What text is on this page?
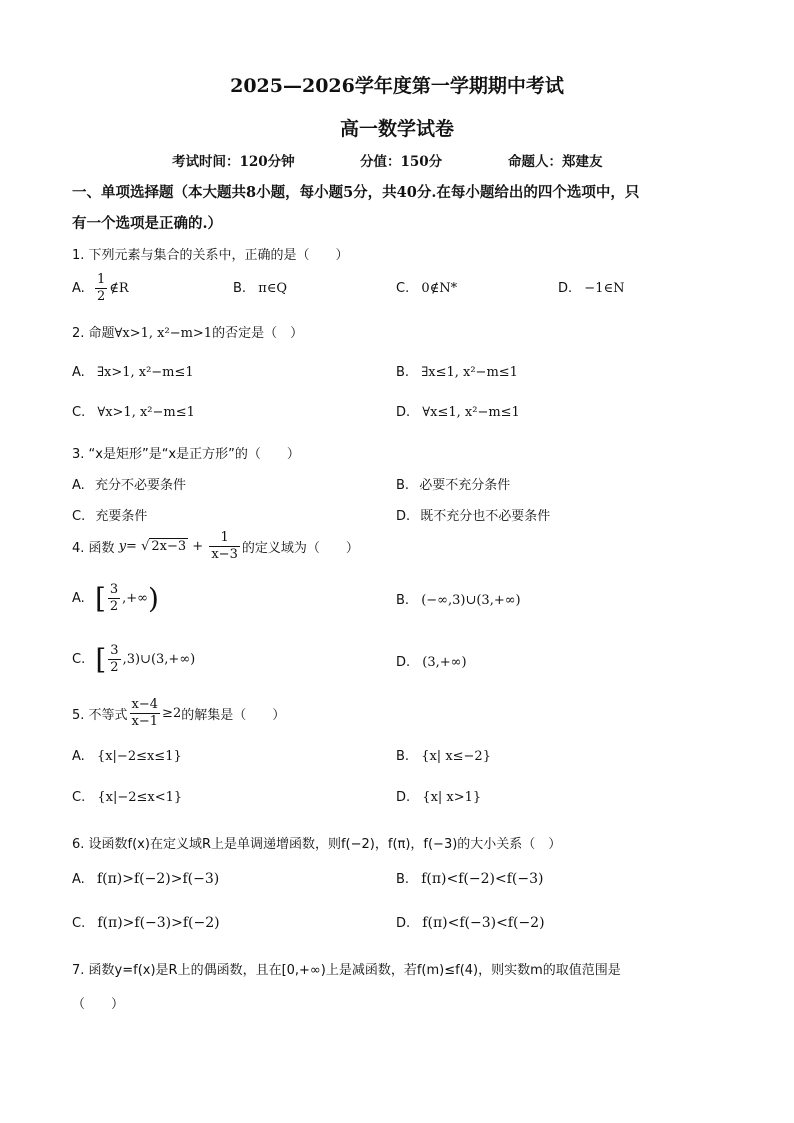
2025—2026学年度第一学期期中考试
高一数学试卷
考试时间：120分钟	分值：150分	命题人：郑建友
一、单项选择题（本大题共8小题，每小题5分，共40分.在每小题给出的四个选项中，只
有一个选项是正确的.）
1. 下列元素与集合的关系中，正确的是（　　）
A. $\frac{1}{2}$ ∉R	B. π∈Q	C. 0∉N*	D. −1∈N
2. 命题∀x>1, x²−m>1的否定是（　）
A. ∃x>1, x²−m≤1	B. ∃x≤1, x²−m≤1
C. ∀x>1, x²−m≤1	D. ∀x≤1, x²−m≤1
3. “x是矩形”是“x是正方形”的（　　）
A. 充分不必要条件	B. 必要不充分条件
C. 充要条件	D. 既不充分也不必要条件
4. 函数 y= √ $2x-3 + \frac{1}{x-3}$ 的定义域为（　　）
A. [ $\frac{3}{2}$ ,+∞)	B. (−∞,3)∪(3,+∞)
C. [ $\frac{3}{2}$ ,3)∪(3,+∞)	D. (3,+∞)
5. 不等式 $\frac{x-4}{x-1} \ge 2$的解集是（　　）
A. {x|−2≤x≤1}	B. {x| x≤−2}
C. {x|−2≤x<1}	D. {x| x>1}
6. 设函数f(x)在定义域R上是单调递增函数，则f(−2)，f(π)，f(−3)的大小关系（　）
A. f(π)>f(−2)>f(−3)	B. f(π)<f(−2)<f(−3)
C. f(π)>f(−3)>f(−2)	D. f(π)<f(−3)<f(−2)
7. 函数y=f(x)是R上的偶函数，且在[0,+∞)上是减函数，若f(m)≤f(4)，则实数m的取值范围是
（　　）
